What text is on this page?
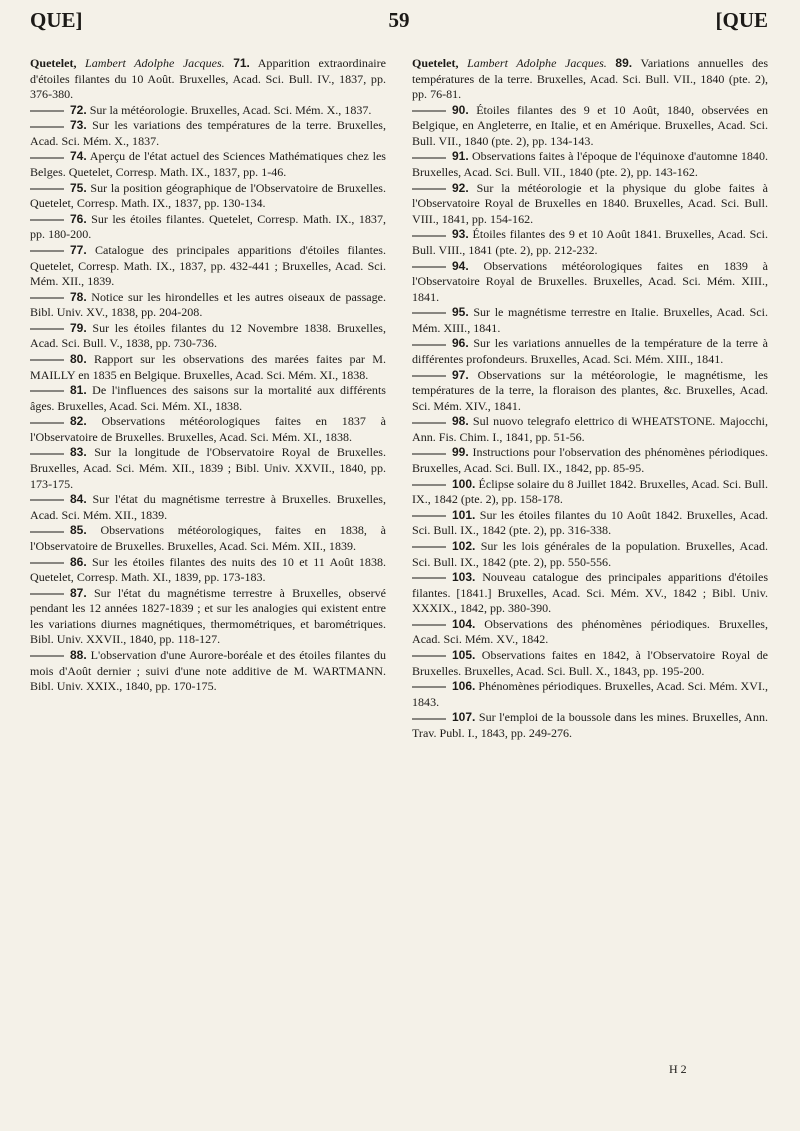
QUE]	59	[QUE

Quetelet, Lambert Adolphe Jacques. 71. Apparition extraordinaire d'étoiles filantes du 10 Août. Bruxelles, Acad. Sci. Bull. IV., 1837, pp. 376-380.

72. Sur la météorologie. Bruxelles, Acad. Sci. Mém. X., 1837.

73. Sur les variations des températures de la terre. Bruxelles, Acad. Sci. Mém. X., 1837.

74. Aperçu de l'état actuel des Sciences Mathématiques chez les Belges. Quetelet, Corresp. Math. IX., 1837, pp. 1-46.

75. Sur la position géographique de l'Observatoire de Bruxelles. Quetelet, Corresp. Math. IX., 1837, pp. 130-134.

76. Sur les étoiles filantes. Quetelet, Corresp. Math. IX., 1837, pp. 180-200.

77. Catalogue des principales apparitions d'étoiles filantes. Quetelet, Corresp. Math. IX., 1837, pp. 432-441 ; Bruxelles, Acad. Sci. Mém. XII., 1839.

78. Notice sur les hirondelles et les autres oiseaux de passage. Bibl. Univ. XV., 1838, pp. 204-208.

79. Sur les étoiles filantes du 12 Novembre 1838. Bruxelles, Acad. Sci. Bull. V., 1838, pp. 730-736.

80. Rapport sur les observations des marées faites par M. MAILLY en 1835 en Belgique. Bruxelles, Acad. Sci. Mém. XI., 1838.

81. De l'influences des saisons sur la mortalité aux différents âges. Bruxelles, Acad. Sci. Mém. XI., 1838.

82. Observations météorologiques faites en 1837 à l'Observatoire de Bruxelles. Bruxelles, Acad. Sci. Mém. XI., 1838.

83. Sur la longitude de l'Observatoire Royal de Bruxelles. Bruxelles, Acad. Sci. Mém. XII., 1839 ; Bibl. Univ. XXVII., 1840, pp. 173-175.

84. Sur l'état du magnétisme terrestre à Bruxelles. Bruxelles, Acad. Sci. Mém. XII., 1839.

85. Observations météorologiques, faites en 1838, à l'Observatoire de Bruxelles. Bruxelles, Acad. Sci. Mém. XII., 1839.

86. Sur les étoiles filantes des nuits des 10 et 11 Août 1838. Quetelet, Corresp. Math. XI., 1839, pp. 173-183.

87. Sur l'état du magnétisme terrestre à Bruxelles, observé pendant les 12 années 1827-1839 ; et sur les analogies qui existent entre les variations diurnes magnétiques, thermométriques, et barométriques. Bibl. Univ. XXVII., 1840, pp. 118-127.

88. L'observation d'une Aurore-boréale et des étoiles filantes du mois d'Août dernier ; suivi d'une note additive de M. WARTMANN. Bibl. Univ. XXIX., 1840, pp. 170-175.

Quetelet, Lambert Adolphe Jacques. 89. Variations annuelles des températures de la terre. Bruxelles, Acad. Sci. Bull. VII., 1840 (pte. 2), pp. 76-81.

90. Étoiles filantes des 9 et 10 Août, 1840, observées en Belgique, en Angleterre, en Italie, et en Amérique. Bruxelles, Acad. Sci. Bull. VII., 1840 (pte. 2), pp. 134-143.

91. Observations faites à l'époque de l'équinoxe d'automne 1840. Bruxelles, Acad. Sci. Bull. VII., 1840 (pte. 2), pp. 143-162.

92. Sur la météorologie et la physique du globe faites à l'Observatoire Royal de Bruxelles en 1840. Bruxelles, Acad. Sci. Bull. VIII., 1841, pp. 154-162.

93. Étoiles filantes des 9 et 10 Août 1841. Bruxelles, Acad. Sci. Bull. VIII., 1841 (pte. 2), pp. 212-232.

94. Observations météorologiques faites en 1839 à l'Observatoire Royal de Bruxelles. Bruxelles, Acad. Sci. Mém. XIII., 1841.

95. Sur le magnétisme terrestre en Italie. Bruxelles, Acad. Sci. Mém. XIII., 1841.

96. Sur les variations annuelles de la température de la terre à différentes profondeurs. Bruxelles, Acad. Sci. Mém. XIII., 1841.

97. Observations sur la météorologie, le magnétisme, les températures de la terre, la floraison des plantes, &c. Bruxelles, Acad. Sci. Mém. XIV., 1841.

98. Sul nuovo telegrafo elettrico di WHEATSTONE. Majocchi, Ann. Fis. Chim. I., 1841, pp. 51-56.

99. Instructions pour l'observation des phénomènes périodiques. Bruxelles, Acad. Sci. Bull. IX., 1842, pp. 85-95.

100. Éclipse solaire du 8 Juillet 1842. Bruxelles, Acad. Sci. Bull. IX., 1842 (pte. 2), pp. 158-178.

101. Sur les étoiles filantes du 10 Août 1842. Bruxelles, Acad. Sci. Bull. IX., 1842 (pte. 2), pp. 316-338.

102. Sur les lois générales de la population. Bruxelles, Acad. Sci. Bull. IX., 1842 (pte. 2), pp. 550-556.

103. Nouveau catalogue des principales apparitions d'étoiles filantes. [1841.] Bruxelles, Acad. Sci. Mém. XV., 1842 ; Bibl. Univ. XXXIX., 1842, pp. 380-390.

104. Observations des phénomènes périodiques. Bruxelles, Acad. Sci. Mém. XV., 1842.

105. Observations faites en 1842, à l'Observatoire Royal de Bruxelles. Bruxelles, Acad. Sci. Bull. X., 1843, pp. 195-200.

106. Phénomènes périodiques. Bruxelles, Acad. Sci. Mém. XVI., 1843.

107. Sur l'emploi de la boussole dans les mines. Bruxelles, Ann. Trav. Publ. I., 1843, pp. 249-276.

H 2
